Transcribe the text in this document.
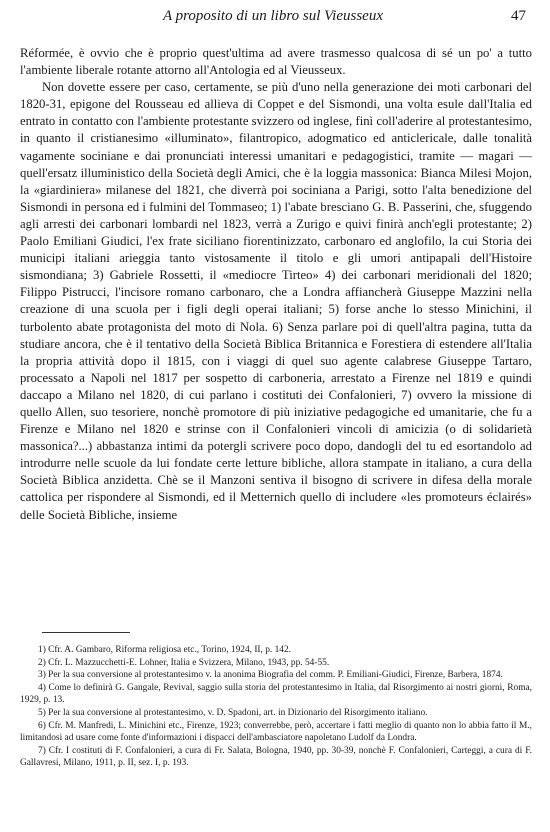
A proposito di un libro sul Vieusseux	47

Réformée, è ovvio che è proprio quest'ultima ad avere trasmesso qualcosa di sé un po' a tutto l'ambiente liberale rotante attorno all'Antologia ed al Vieusseux.

Non dovette essere per caso, certamente, se più d'uno nella generazione dei moti carbonari del 1820-31, epigone del Rousseau ed allieva di Coppet e del Sismondi, una volta esule dall'Italia ed entrato in contatto con l'ambiente protestante svizzero od inglese, finì coll'aderire al protestantesimo, in quanto il cristianesimo «illuminato», filantropico, adogmatico ed anticlericale, dalle tonalità vagamente sociniane e dai pronunciati interessi umanitari e pedagogistici, tramite — magari — quell'ersatz illuministico della Società degli Amici, che è la loggia massonica: Bianca Milesi Mojon, la «giardiniera» milanese del 1821, che diverrà poi sociniana a Parigi, sotto l'alta benedizione del Sismondi in persona ed i fulmini del Tommaseo; 1) l'abate bresciano G. B. Passerini, che, sfuggendo agli arresti dei carbonari lombardi nel 1823, verrà a Zurigo e quivi finirà anch'egli protestante; 2) Paolo Emiliani Giudici, l'ex frate siciliano fiorentinizzato, carbonaro ed anglofilo, la cui Storia dei municipi italiani arieggia tanto vistosamente il titolo e gli umori antipapali dell'Histoire sismondiana; 3) Gabriele Rossetti, il «mediocre Tirteo» 4) dei carbonari meridionali del 1820; Filippo Pistrucci, l'incisore romano carbonaro, che a Londra affiancherà Giuseppe Mazzini nella creazione di una scuola per i figli degli operai italiani; 5) forse anche lo stesso Minichini, il turbolento abate protagonista del moto di Nola. 6) Senza parlare poi di quell'altra pagina, tutta da studiare ancora, che è il tentativo della Società Biblica Britannica e Forestiera di estendere all'Italia la propria attività dopo il 1815, con i viaggi di quel suo agente calabrese Giuseppe Tartaro, processato a Napoli nel 1817 per sospetto di carboneria, arrestato a Firenze nel 1819 e quindi daccapo a Milano nel 1820, di cui parlano i costituti dei Confalonieri, 7) ovvero la missione di quello Allen, suo tesoriere, nonchè promotore di più iniziative pedagogiche ed umanitarie, che fu a Firenze e Milano nel 1820 e strinse con il Confalonieri vincoli di amicizia (o di solidarietà massonica?...) abbastanza intimi da potergli scrivere poco dopo, dandogli del tu ed esortandolo ad introdurre nelle scuole da lui fondate certe letture bibliche, allora stampate in italiano, a cura della Società Biblica anzidetta. Chè se il Manzoni sentiva il bisogno di scrivere in difesa della morale cattolica per rispondere al Sismondi, ed il Metternich quello di includere «les promoteurs éclairés» delle Società Bibliche, insieme

1) Cfr. A. Gambaro, Riforma religiosa etc., Torino, 1924, II, p. 142.

2) Cfr. L. Mazzucchetti-E. Lohner, Italia e Svizzera, Milano, 1943, pp. 54-55.

3) Per la sua conversione al protestantesimo v. la anonima Biografia del comm. P. Emiliani-Giudici, Firenze, Barbera, 1874.

4) Come lo definirà G. Gangale, Revival, saggio sulla storia del protestantesimo in Italia, dal Risorgimento ai nostri giorni, Roma, 1929, p. 13.

5) Per la sua conversione al protestantesimo, v. D. Spadoni, art. in Dizionario del Risorgimento italiano.

6) Cfr. M. Manfredi, L. Minichini etc., Firenze, 1923; converrebbe, però, accertare i fatti meglio di quanto non lo abbia fatto il M., limitandosi ad usare come fonte d'informazioni i dispacci dell'ambasciatore napoletano Ludolf da Londra.

7) Cfr. I costituti di F. Confalonieri, a cura di Fr. Salata, Bologna, 1940, pp. 30-39, nonchè F. Confalonieri, Carteggi, a cura di F. Gallavresi, Milano, 1911, p. II, sez. I, p. 193.
